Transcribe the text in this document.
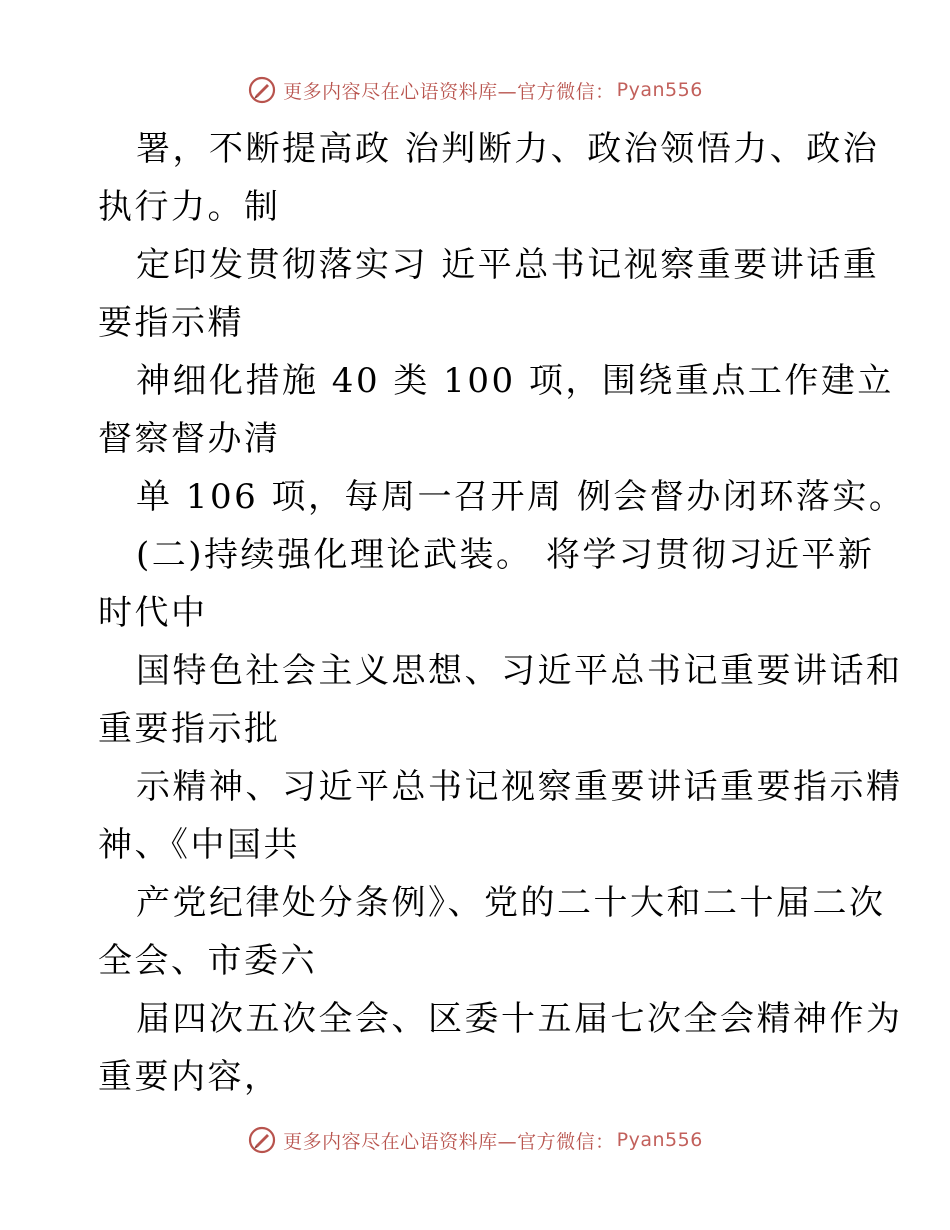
更多内容尽在心语资料库—官方微信： Pyan556
署，不断提高政 治判断力、政治领悟力、政治
执行力。制
定印发贯彻落实习 近平总书记视察重要讲话重
要指示精
神细化措施 40 类 100 项，围绕重点工作建立
督察督办清
单 106 项，每周一召开周 例会督办闭环落实。
(二)持续强化理论武装。 将学习贯彻习近平新
时代中
国特色社会主义思想、习近平总书记重要讲话和
重要指示批
示精神、习近平总书记视察重要讲话重要指示精
神、《中国共
产党纪律处分条例》、党的二十大和二十届二次
全会、市委六
届四次五次全会、区委十五届七次全会精神作为
重要内容，
更多内容尽在心语资料库—官方微信： Pyan556
